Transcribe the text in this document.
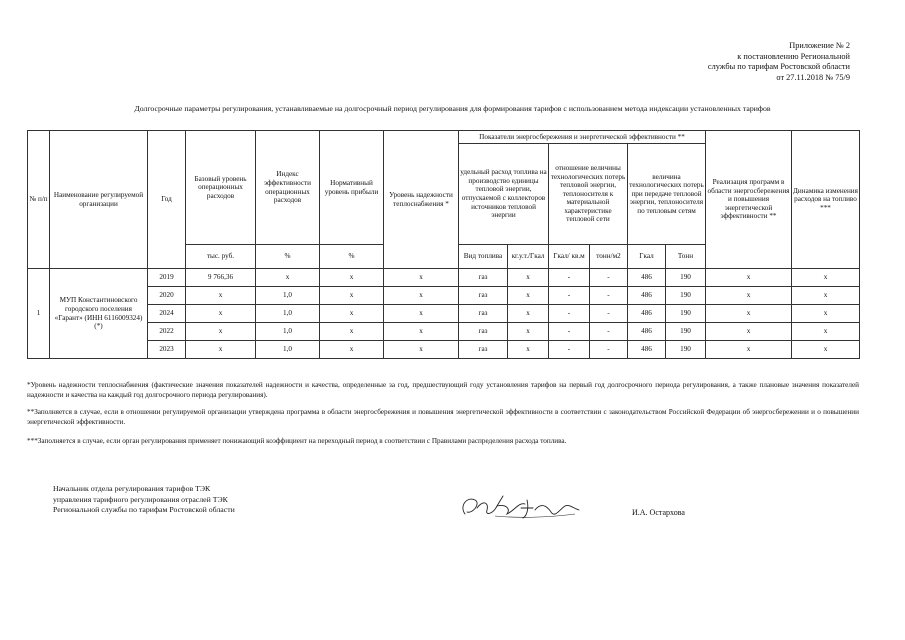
Приложение № 2
к постановлению Региональной
службы по тарифам Ростовской области
от 27.11.2018 № 75/9
Долгосрочные параметры регулирования, устанавливаемые на долгосрочный период регулирования для формирования тарифов с использованием метода индексации установленных тарифов
№ п/п	Наименование регулируемой организации	Год	Базовый уровень операционных расходов	Индекс эффективности операционных расходов	Нормативный уровень прибыли	Уровень надежности теплоснабжения *	Показатели энергосбережения и энергетической эффективности **						Реализация программ в области энергосбережения и повышения энергетической эффективности **	Динамика изменения расходов на топливо ***
							удельный расход топлива на производство единицы тепловой энергии, отпускаемой с коллекторов источников тепловой энергии		отношение величины технологических потерь тепловой энергии, теплоносителя к материальной характеристике тепловой сети		величина технологических потерь при передаче тепловой энергии, теплоносителя по тепловым сетям			
			тыс. руб.	%	%		Вид топлива	кг.у.т./Гкал	Гкал/ кв.м	тонн/м2	Гкал	Тонн		
1	МУП Константиновского городского поселения «Гарант» (ИНН 6116009324) (*)	2019	9 766,36	х	х	х	газ	х	-	-	486	190	х	х
		2020	х	1,0	х	х	газ	х	-	-	486	190	х	х
		2024	х	1,0	х	х	газ	х	-	-	486	190	х	х
		2022	х	1,0	х	х	газ	х	-	-	486	190	х	х
		2023	х	1,0	х	х	газ	х	-	-	486	190	х	х
*Уровень надежности теплоснабжения (фактические значения показателей надежности и качества, определенные за год, предшествующий году установления тарифов на первый год долгосрочного периода регулирования, а также плановые значения показателей надежности и качества на каждый год долгосрочного периода регулирования).
**Заполняется в случае, если в отношении регулируемой организации утверждена программа в области энергосбережения и повышения энергетической эффективности в соответствии с законодательством Российской Федерации об энергосбережении и о повышении энергетической эффективности.
***Заполняется в случае, если орган регулирования применяет понижающий коэффициент на переходный период в соответствии с Правилами распределения расхода топлива.
Начальник отдела регулирования тарифов ТЭК
управления тарифного регулирования отраслей ТЭК
Региональной службы по тарифам Ростовской области	И.А. Остархова
